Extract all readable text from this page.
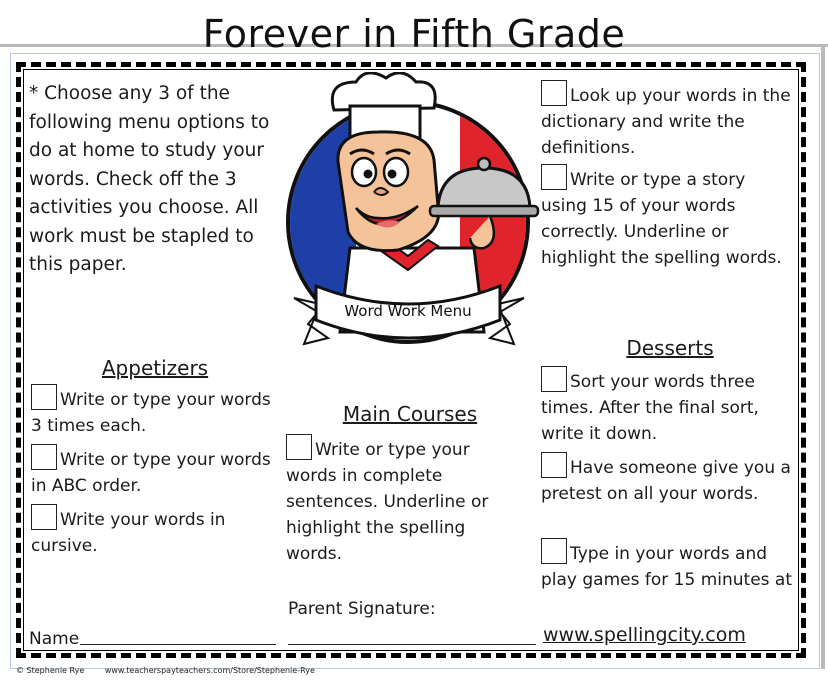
Forever in Fifth Grade
* Choose any 3 of the following menu options to do at home to study your words. Check off the 3 activities you choose. All work must be stapled to this paper.
Word Work Menu
Appetizers
Write or type your words 3 times each.
Write or type your words in ABC order.
Write your words in cursive.
Main Courses
Write or type your words in complete sentences. Underline or highlight the spelling words.
Look up your words in the dictionary and write the definitions.
Write or type a story using 15 of your words correctly. Underline or highlight the spelling words.
Desserts
Sort your words three times. After the final sort, write it down.
Have someone give you a pretest on all your words.
Type in your words and play games for 15 minutes at
www.spellingcity.com
Name
Parent Signature:
© Stephenie Rye	www.teacherspayteachers.com/Store/Stephenie-Rye
